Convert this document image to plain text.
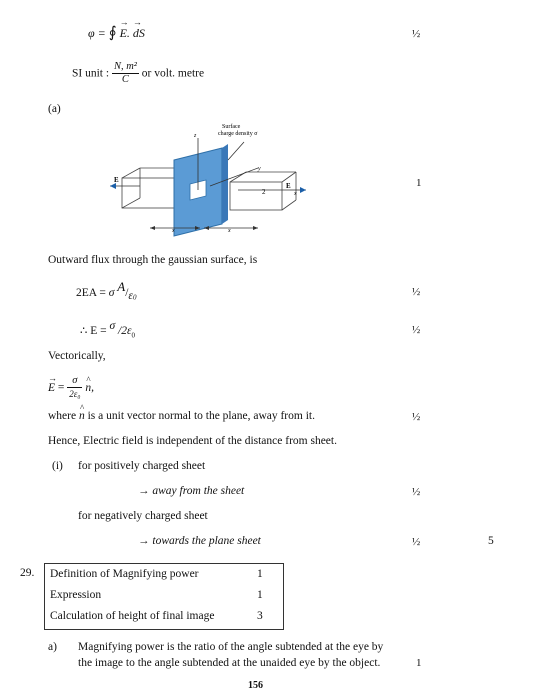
φ = ∮ → E. → dS	½
SI unit : $\frac{\text{N, m²}}{C}$ or volt. metre
(a)
z
y
x
Surface
charge density σ
E
E
2
x	x
1
Outward flux through the gaussian surface, is
2EA = σ $A/\varepsilon_0$	½
∴ E = σ $/2\varepsilon_0$	½
Vectorically,
→ $E = \frac{\sigma}{\text{2ε₀}}$ ^ n,
where ^ n is a unit vector normal to the plane, away from it.	½
Hence, Electric field is independent of the distance from sheet.
(i) for positively charged sheet
→ away from the sheet	½
for negatively charged sheet
→ towards the plane sheet	½	5
29. Definition of Magnifying power	1
Expression	1
Calculation of height of final image	3
a) Magnifying power is the ratio of the angle subtended at the eye by
the image to the angle subtended at the unaided eye by the object.	1
156
